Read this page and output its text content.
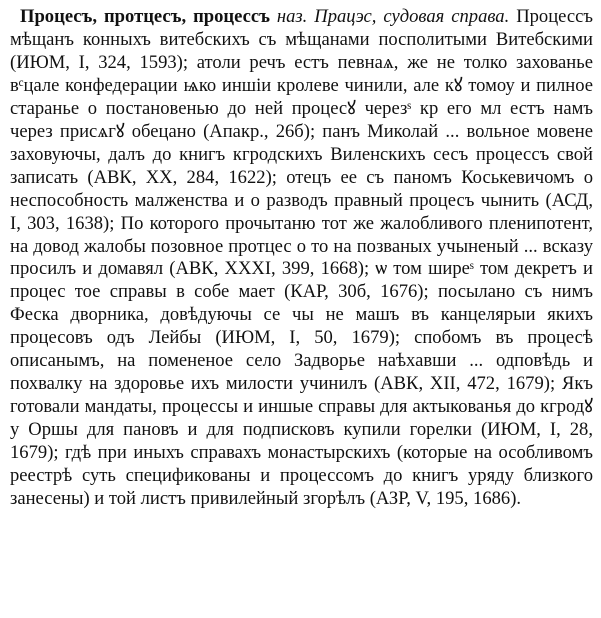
Процесъ, протцесъ, процессъ наз. Працэс, судовая справа. Процессъ мѣщанъ конныхъ витебскихъ съ мѣщанами посполитыми Витебскими (ИЮМ, I, 324, 1593); атоли речъ естъ певнаѧ, же не толко захованье вᶜцале конфедерации ѩко иншіи кролеве чинили, але кꙋ томоу и пилное старанье о постановенью до ней процесꙋ черезˢ кр его мл естъ намъ через присѧгꙋ обецано (Апакр., 26б); панъ Миколай ... вольное мовене заховуючы, далъ до книгъ кгродскихъ Виленскихъ сесъ процессъ свой записать (АВК, XX, 284, 1622); отецъ ее съ паномъ Коськевичомъ о неспособность малженства и о разводъ правный процесъ чынить (АСД, I, 303, 1638); По которого прочытаню тот же жалобливого пленипотент, на довод жалобы позовное протцес о то на позваных учыненый ... всказу просилъ и домавял (АВК, XXXI, 399, 1668); ѡ том ширеˢ том декретъ и процес тое справы в собе мает (КАР, 30б, 1676); посылано съ нимъ Феска дворника, довѣдуючы се чы не машъ въ канцелярыи якихъ процесовъ одъ Лейбы (ИЮМ, I, 50, 1679); спобомъ въ процесѣ описанымъ, на помененое село Задворье наѣхавши ... одповѣдь и похвалку на здоровье ихъ милости учинилъ (АВК, XII, 472, 1679); Якъ готовали мандаты, процессы и иншые справы для актыкованья до кгродꙋ у Оршы для пановъ и для подписковъ купили горелки (ИЮМ, I, 28, 1679); гдѣ при иныхъ справахъ монастырскихъ (которые на особливомъ реестрѣ суть спецификованы и процессомъ до книгъ уряду близкого занесены) и той листъ привилейный згорѣлъ (АЗР, V, 195, 1686).
